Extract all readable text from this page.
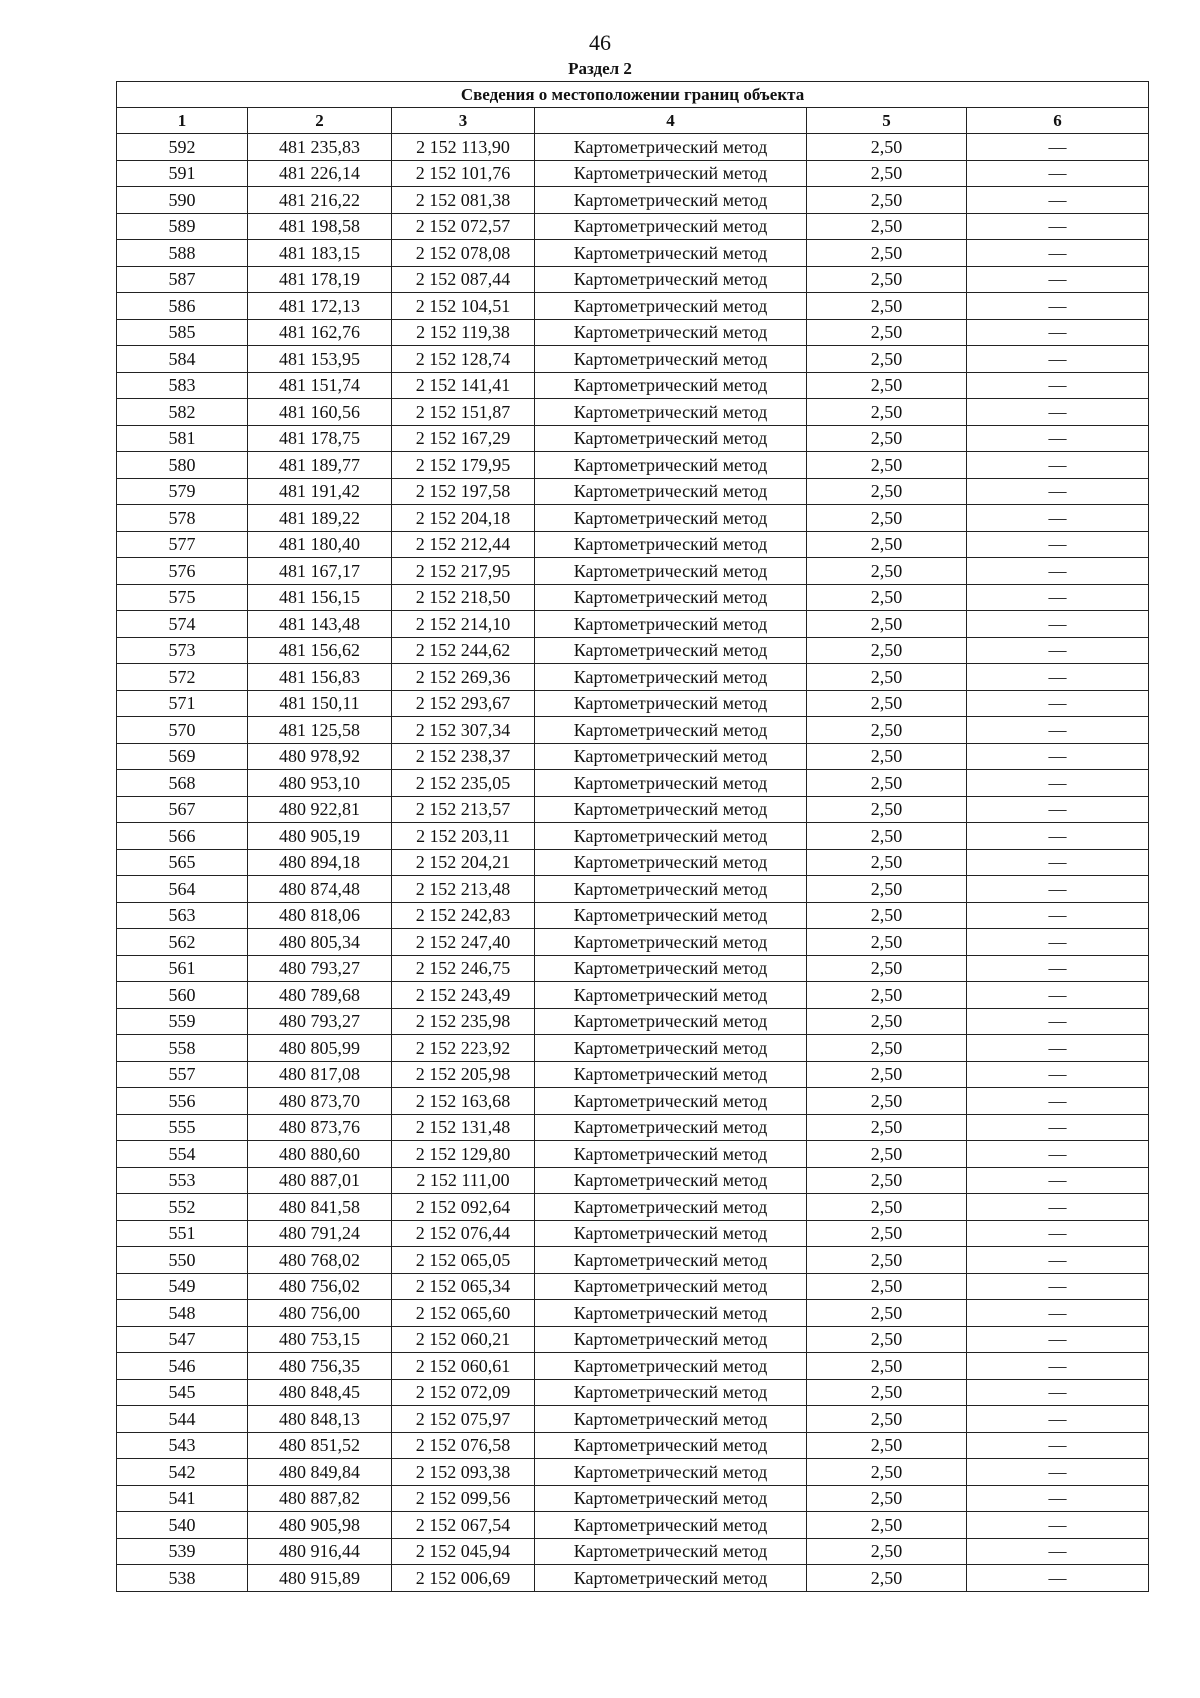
46
Раздел 2
Сведения о местоположении границ объекта					
1	2	3	4	5	6
592	481 235,83	2 152 113,90	Картометрический метод	2,50	—
591	481 226,14	2 152 101,76	Картометрический метод	2,50	—
590	481 216,22	2 152 081,38	Картометрический метод	2,50	—
589	481 198,58	2 152 072,57	Картометрический метод	2,50	—
588	481 183,15	2 152 078,08	Картометрический метод	2,50	—
587	481 178,19	2 152 087,44	Картометрический метод	2,50	—
586	481 172,13	2 152 104,51	Картометрический метод	2,50	—
585	481 162,76	2 152 119,38	Картометрический метод	2,50	—
584	481 153,95	2 152 128,74	Картометрический метод	2,50	—
583	481 151,74	2 152 141,41	Картометрический метод	2,50	—
582	481 160,56	2 152 151,87	Картометрический метод	2,50	—
581	481 178,75	2 152 167,29	Картометрический метод	2,50	—
580	481 189,77	2 152 179,95	Картометрический метод	2,50	—
579	481 191,42	2 152 197,58	Картометрический метод	2,50	—
578	481 189,22	2 152 204,18	Картометрический метод	2,50	—
577	481 180,40	2 152 212,44	Картометрический метод	2,50	—
576	481 167,17	2 152 217,95	Картометрический метод	2,50	—
575	481 156,15	2 152 218,50	Картометрический метод	2,50	—
574	481 143,48	2 152 214,10	Картометрический метод	2,50	—
573	481 156,62	2 152 244,62	Картометрический метод	2,50	—
572	481 156,83	2 152 269,36	Картометрический метод	2,50	—
571	481 150,11	2 152 293,67	Картометрический метод	2,50	—
570	481 125,58	2 152 307,34	Картометрический метод	2,50	—
569	480 978,92	2 152 238,37	Картометрический метод	2,50	—
568	480 953,10	2 152 235,05	Картометрический метод	2,50	—
567	480 922,81	2 152 213,57	Картометрический метод	2,50	—
566	480 905,19	2 152 203,11	Картометрический метод	2,50	—
565	480 894,18	2 152 204,21	Картометрический метод	2,50	—
564	480 874,48	2 152 213,48	Картометрический метод	2,50	—
563	480 818,06	2 152 242,83	Картометрический метод	2,50	—
562	480 805,34	2 152 247,40	Картометрический метод	2,50	—
561	480 793,27	2 152 246,75	Картометрический метод	2,50	—
560	480 789,68	2 152 243,49	Картометрический метод	2,50	—
559	480 793,27	2 152 235,98	Картометрический метод	2,50	—
558	480 805,99	2 152 223,92	Картометрический метод	2,50	—
557	480 817,08	2 152 205,98	Картометрический метод	2,50	—
556	480 873,70	2 152 163,68	Картометрический метод	2,50	—
555	480 873,76	2 152 131,48	Картометрический метод	2,50	—
554	480 880,60	2 152 129,80	Картометрический метод	2,50	—
553	480 887,01	2 152 111,00	Картометрический метод	2,50	—
552	480 841,58	2 152 092,64	Картометрический метод	2,50	—
551	480 791,24	2 152 076,44	Картометрический метод	2,50	—
550	480 768,02	2 152 065,05	Картометрический метод	2,50	—
549	480 756,02	2 152 065,34	Картометрический метод	2,50	—
548	480 756,00	2 152 065,60	Картометрический метод	2,50	—
547	480 753,15	2 152 060,21	Картометрический метод	2,50	—
546	480 756,35	2 152 060,61	Картометрический метод	2,50	—
545	480 848,45	2 152 072,09	Картометрический метод	2,50	—
544	480 848,13	2 152 075,97	Картометрический метод	2,50	—
543	480 851,52	2 152 076,58	Картометрический метод	2,50	—
542	480 849,84	2 152 093,38	Картометрический метод	2,50	—
541	480 887,82	2 152 099,56	Картометрический метод	2,50	—
540	480 905,98	2 152 067,54	Картометрический метод	2,50	—
539	480 916,44	2 152 045,94	Картометрический метод	2,50	—
538	480 915,89	2 152 006,69	Картометрический метод	2,50	—
